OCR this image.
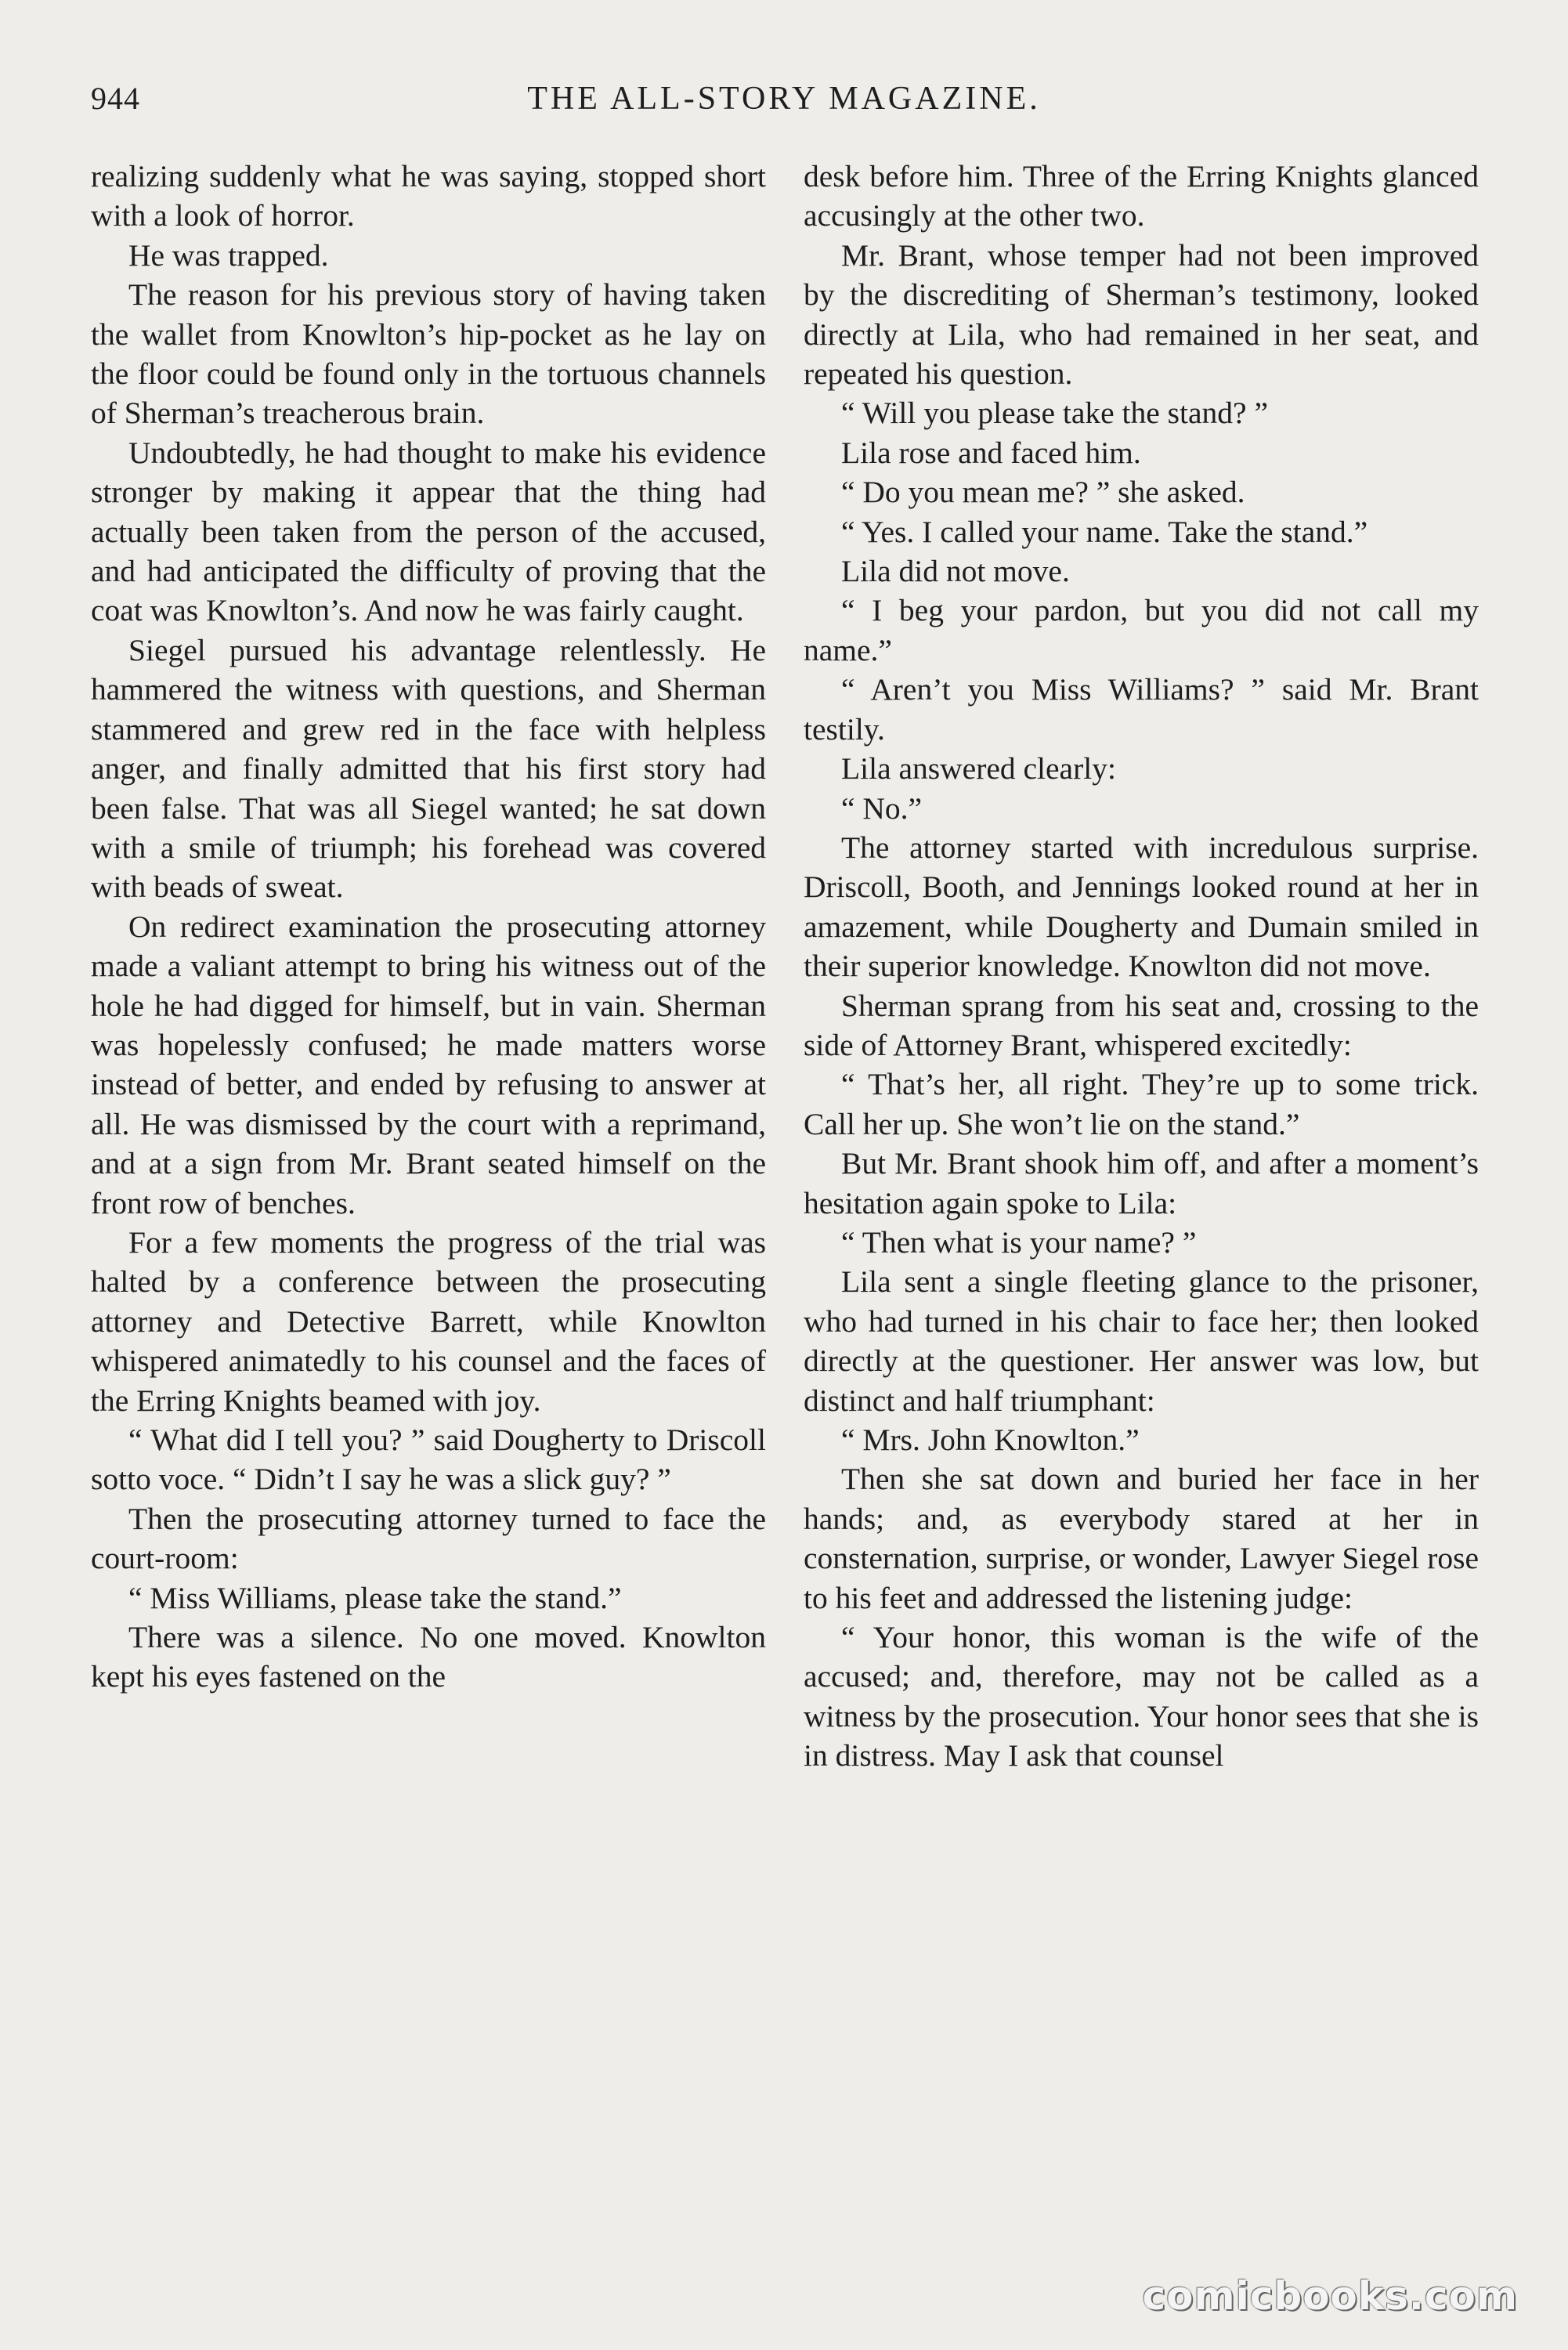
944	THE ALL-STORY MAGAZINE.

realizing suddenly what he was saying, stopped short with a look of horror.

He was trapped.

The reason for his previous story of having taken the wallet from Knowlton’s hip-pocket as he lay on the floor could be found only in the tortuous channels of Sherman’s treacherous brain.

Undoubtedly, he had thought to make his evidence stronger by making it appear that the thing had actually been taken from the person of the accused, and had anticipated the difficulty of proving that the coat was Knowlton’s. And now he was fairly caught.

Siegel pursued his advantage relentlessly. He hammered the witness with questions, and Sherman stammered and grew red in the face with helpless anger, and finally admitted that his first story had been false. That was all Siegel wanted; he sat down with a smile of triumph; his forehead was covered with beads of sweat.

On redirect examination the prosecuting attorney made a valiant attempt to bring his witness out of the hole he had digged for himself, but in vain. Sherman was hopelessly confused; he made matters worse instead of better, and ended by refusing to answer at all. He was dismissed by the court with a reprimand, and at a sign from Mr. Brant seated himself on the front row of benches.

For a few moments the progress of the trial was halted by a conference between the prosecuting attorney and Detective Barrett, while Knowlton whispered animatedly to his counsel and the faces of the Erring Knights beamed with joy.

“ What did I tell you? ” said Dougherty to Driscoll sotto voce. “ Didn’t I say he was a slick guy? ”

Then the prosecuting attorney turned to face the court-room:

“ Miss Williams, please take the stand.”

There was a silence. No one moved. Knowlton kept his eyes fastened on the

desk before him. Three of the Erring Knights glanced accusingly at the other two.

Mr. Brant, whose temper had not been improved by the discrediting of Sherman’s testimony, looked directly at Lila, who had remained in her seat, and repeated his question.

“ Will you please take the stand? ”

Lila rose and faced him.

“ Do you mean me? ” she asked.

“ Yes. I called your name. Take the stand.”

Lila did not move.

“ I beg your pardon, but you did not call my name.”

“ Aren’t you Miss Williams? ” said Mr. Brant testily.

Lila answered clearly:

“ No.”

The attorney started with incredulous surprise. Driscoll, Booth, and Jennings looked round at her in amazement, while Dougherty and Dumain smiled in their superior knowledge. Knowlton did not move.

Sherman sprang from his seat and, crossing to the side of Attorney Brant, whispered excitedly:

“ That’s her, all right. They’re up to some trick. Call her up. She won’t lie on the stand.”

But Mr. Brant shook him off, and after a moment’s hesitation again spoke to Lila:

“ Then what is your name? ”

Lila sent a single fleeting glance to the prisoner, who had turned in his chair to face her; then looked directly at the questioner. Her answer was low, but distinct and half triumphant:

“ Mrs. John Knowlton.”

Then she sat down and buried her face in her hands; and, as everybody stared at her in consternation, surprise, or wonder, Lawyer Siegel rose to his feet and addressed the listening judge:

“ Your honor, this woman is the wife of the accused; and, therefore, may not be called as a witness by the prosecution. Your honor sees that she is in distress. May I ask that counsel

comicbooks.com
